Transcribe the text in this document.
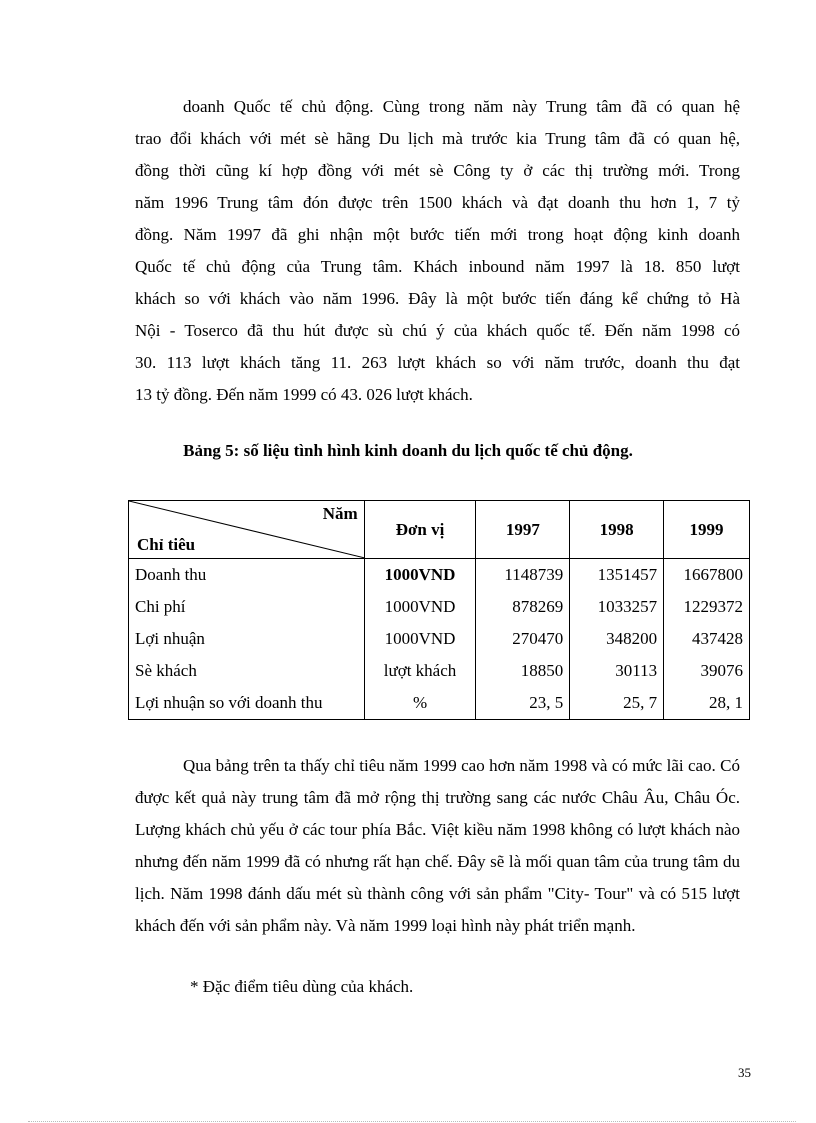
doanh Quốc tế chủ động. Cùng trong năm này Trung tâm đã có quan hệ
trao đổi khách với mét sè hãng Du lịch mà trước kia Trung tâm đã có quan hệ,
đồng thời cũng kí hợp đồng với mét sè Công ty ở các thị trường mới. Trong
năm 1996 Trung tâm đón được trên 1500 khách và đạt doanh thu hơn 1, 7 tỷ
đồng. Năm 1997 đã ghi nhận một bước tiến mới trong hoạt động kinh doanh
Quốc tế chủ động của Trung tâm. Khách inbound năm 1997 là 18. 850 lượt
khách so với khách vào năm 1996. Đây là một bước tiến đáng kể chứng tỏ Hà
Nội - Toserco đã thu hút được sù chú ý của khách quốc tế. Đến năm 1998 có
30. 113 lượt khách tăng 11. 263 lượt khách so với năm trước, doanh thu đạt
13 tỷ đồng. Đến năm 1999 có 43. 026 lượt khách.
Bảng 5: số liệu tình hình kinh doanh du lịch quốc tế chủ động.
Năm
Chỉ tiêu	Đơn vị	1997	1998	1999
Doanh thu	1000VND	1148739	1351457	1667800
Chi phí	1000VND	878269	1033257	1229372
Lợi nhuận	1000VND	270470	348200	437428
Sè khách	lượt khách	18850	30113	39076
Lợi nhuận so với doanh thu	%	23, 5	25, 7	28, 1

Qua bảng trên ta thấy chỉ tiêu năm 1999 cao hơn năm 1998 và có mức lãi cao. Có được kết quả này trung tâm đã mở rộng thị trường sang các nước Châu Âu, Châu Óc. Lượng khách chủ yếu ở các tour phía Bắc. Việt kiều năm 1998 không có lượt khách nào nhưng đến năm 1999 đã có nhưng rất hạn chế. Đây sẽ là mối quan tâm của trung tâm du lịch. Năm 1998 đánh dấu mét sù thành công với sản phẩm "City- Tour" và có 515 lượt khách đến với sản phẩm này. Và năm 1999 loại hình này phát triển mạnh.

* Đặc điểm tiêu dùng của khách.
35
